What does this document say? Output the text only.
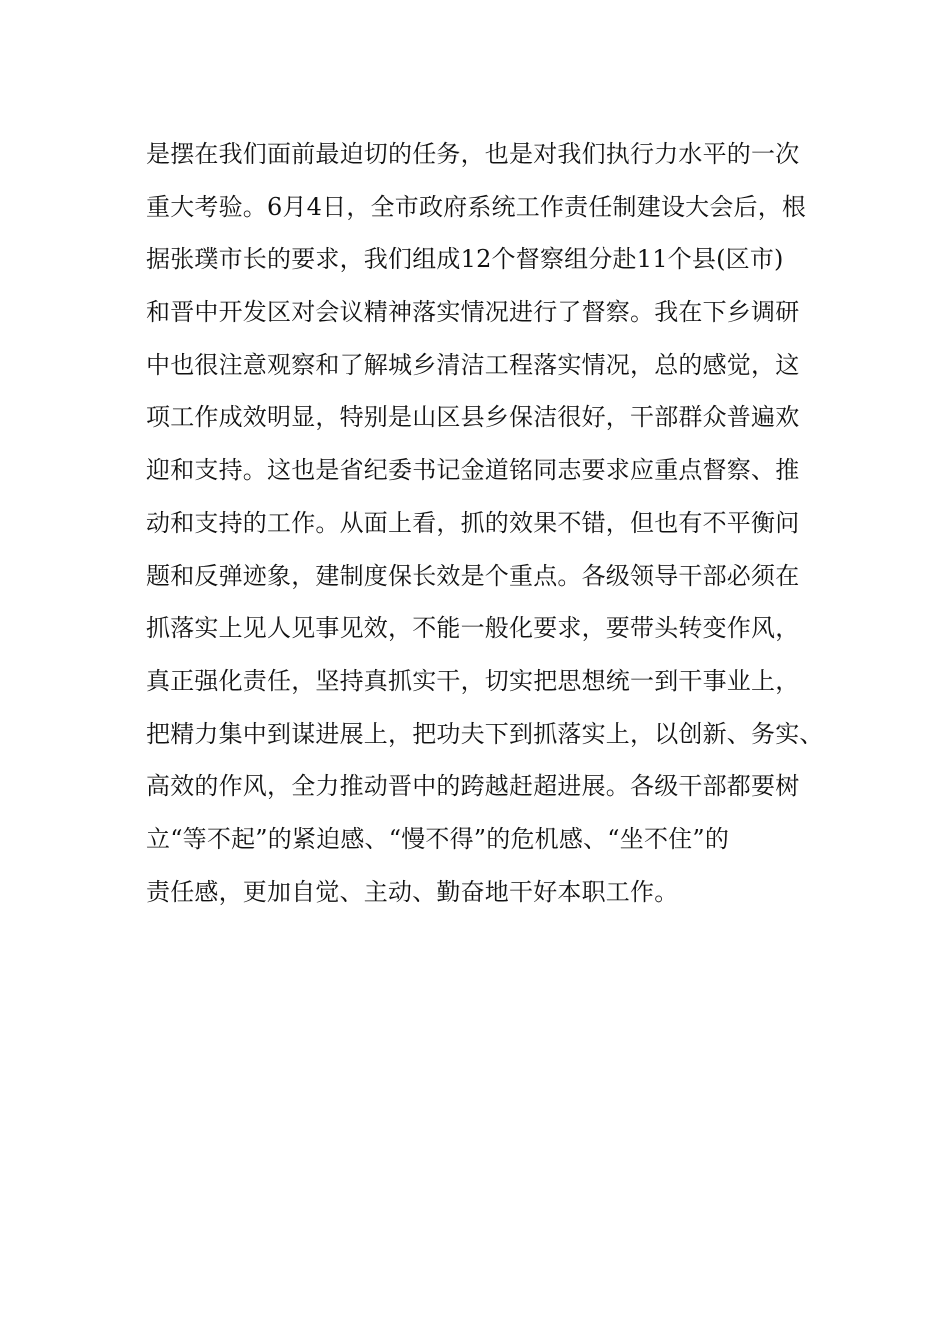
是摆在我们面前最迫切的任务，也是对我们执行力水平的一次
重大考验。6月4日，全市政府系统工作责任制建设大会后，根
据张璞市长的要求，我们组成12个督察组分赴11个县(区市)
和晋中开发区对会议精神落实情况进行了督察。我在下乡调研
中也很注意观察和了解城乡清洁工程落实情况，总的感觉，这
项工作成效明显，特别是山区县乡保洁很好，干部群众普遍欢
迎和支持。这也是省纪委书记金道铭同志要求应重点督察、推
动和支持的工作。从面上看，抓的效果不错，但也有不平衡问
题和反弹迹象，建制度保长效是个重点。各级领导干部必须在
抓落实上见人见事见效，不能一般化要求，要带头转变作风，
真正强化责任，坚持真抓实干，切实把思想统一到干事业上，
把精力集中到谋进展上，把功夫下到抓落实上，以创新、务实、
高效的作风，全力推动晋中的跨越赶超进展。各级干部都要树
立“等不起”的紧迫感、“慢不得”的危机感、“坐不住”的
责任感，更加自觉、主动、勤奋地干好本职工作。
